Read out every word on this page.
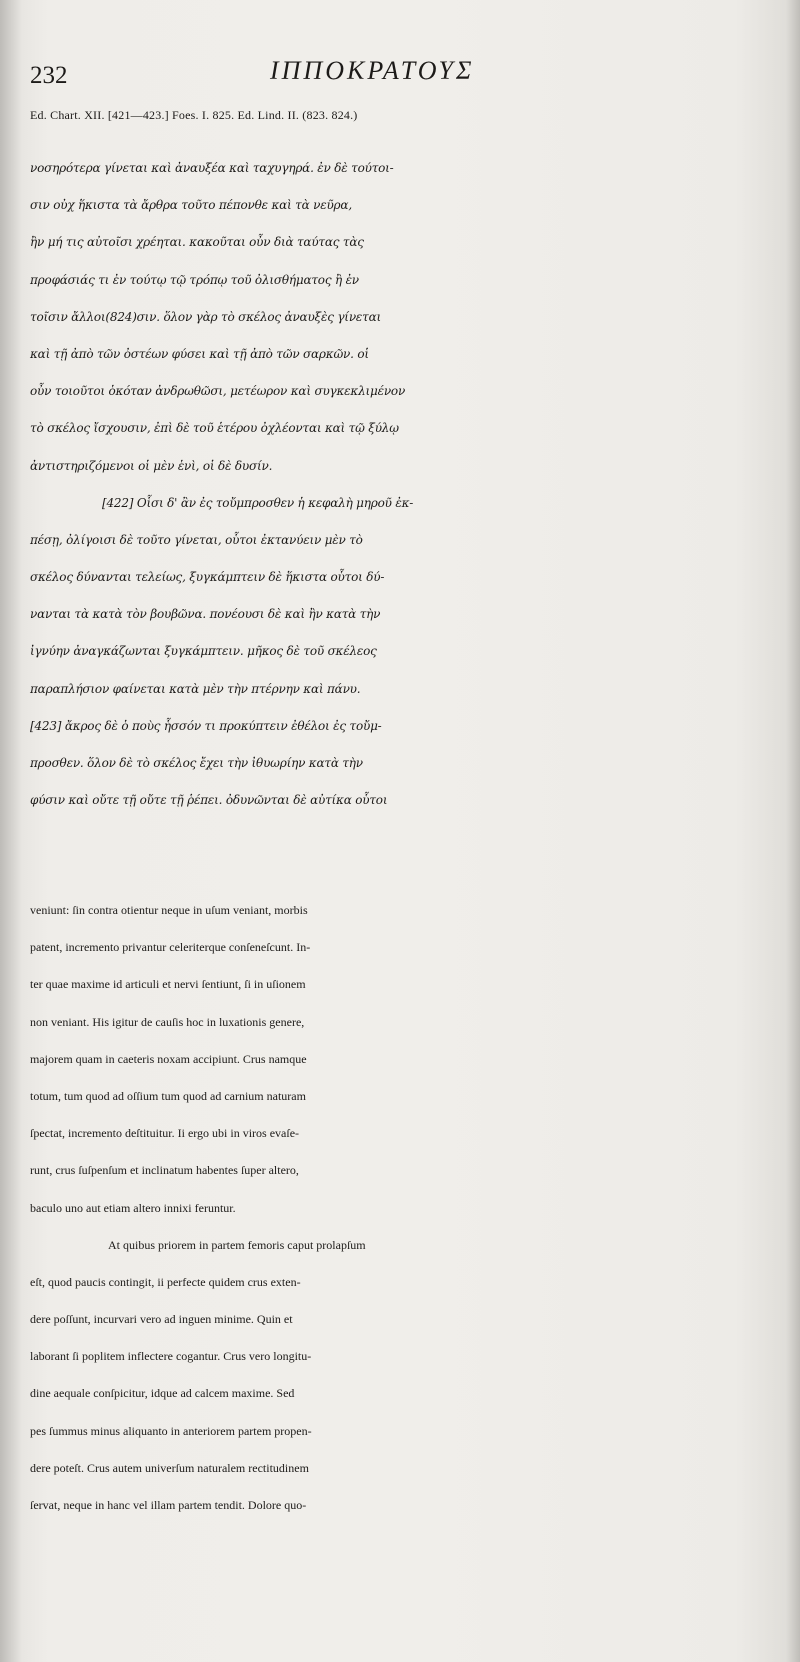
232	ΙΠΠΟΚΡΑΤΟΥΣ
Ed. Chart. XII. [421—423.] Foes. I. 825. Ed. Lind. II. (823. 824.)
νοσηρότερα γίνεται καὶ ἀναυξέα καὶ ταχυγηρά. ἐν δὲ τούτοι-
σιν οὐχ ἥκιστα τὰ ἄρθρα τοῦτο πέπονθε καὶ τὰ νεῦρα,
ἢν μή τις αὐτοῖσι χρέηται. κακοῦται οὖν διὰ ταύτας τὰς
προφάσιάς τι ἐν τούτῳ τῷ τρόπῳ τοῦ ὀλισθήματος ἢ ἐν
τοῖσιν ἄλλοι(824)σιν. ὅλον γὰρ τὸ σκέλος ἀναυξὲς γίνεται
καὶ τῇ ἀπὸ τῶν ὀστέων φύσει καὶ τῇ ἀπὸ τῶν σαρκῶν. οἱ
οὖν τοιοῦτοι ὁκόταν ἀνδρωθῶσι, μετέωρον καὶ συγκεκλιμένον
τὸ σκέλος ἴσχουσιν, ἐπὶ δὲ τοῦ ἑτέρου ὀχλέονται καὶ τῷ ξύλῳ
ἀντιστηριζόμενοι οἱ μὲν ἑνὶ, οἱ δὲ δυσίν.
[422] Οἷσι δ' ἂν ἐς τοὔμπροσθεν ἡ κεφαλὴ μηροῦ ἐκ-
πέσῃ, ὀλίγοισι δὲ τοῦτο γίνεται, οὗτοι ἐκτανύειν μὲν τὸ
σκέλος δύνανται τελείως, ξυγκάμπτειν δὲ ἥκιστα οὗτοι δύ-
νανται τὰ κατὰ τὸν βουβῶνα. πονέουσι δὲ καὶ ἢν κατὰ τὴν
ἰγνύην ἀναγκάζωνται ξυγκάμπτειν. μῆκος δὲ τοῦ σκέλεος
παραπλήσιον φαίνεται κατὰ μὲν τὴν πτέρνην καὶ πάνυ.
[423] ἄκρος δὲ ὁ ποὺς ἧσσόν τι προκύπτειν ἐθέλοι ἐς τοὔμ-
προσθεν. ὅλον δὲ τὸ σκέλος ἔχει τὴν ἰθυωρίην κατὰ τὴν
φύσιν καὶ οὔτε τῇ οὔτε τῇ ῥέπει. ὀδυνῶνται δὲ αὐτίκα οὗτοι
veniunt: ſin contra otientur neque in uſum veniant, morbis
patent, incremento privantur celeriterque conſeneſcunt. In-
ter quae maxime id articuli et nervi ſentiunt, ſi in uſionem
non veniant. His igitur de cauſis hoc in luxationis genere,
majorem quam in caeteris noxam accipiunt. Crus namque
totum, tum quod ad oſſium tum quod ad carnium naturam
ſpectat, incremento deſtituitur. Ii ergo ubi in viros evaſe-
runt, crus ſuſpenſum et inclinatum habentes ſuper altero,
baculo uno aut etiam altero innixi feruntur.
At quibus priorem in partem femoris caput prolapſum
eſt, quod paucis contingit, ii perfecte quidem crus exten-
dere poſſunt, incurvari vero ad inguen minime. Quin et
laborant ſi poplitem inflectere cogantur. Crus vero longitu-
dine aequale conſpicitur, idque ad calcem maxime. Sed
pes ſummus minus aliquanto in anteriorem partem propen-
dere poteſt. Crus autem univerſum naturalem rectitudinem
ſervat, neque in hanc vel illam partem tendit. Dolore quo-
